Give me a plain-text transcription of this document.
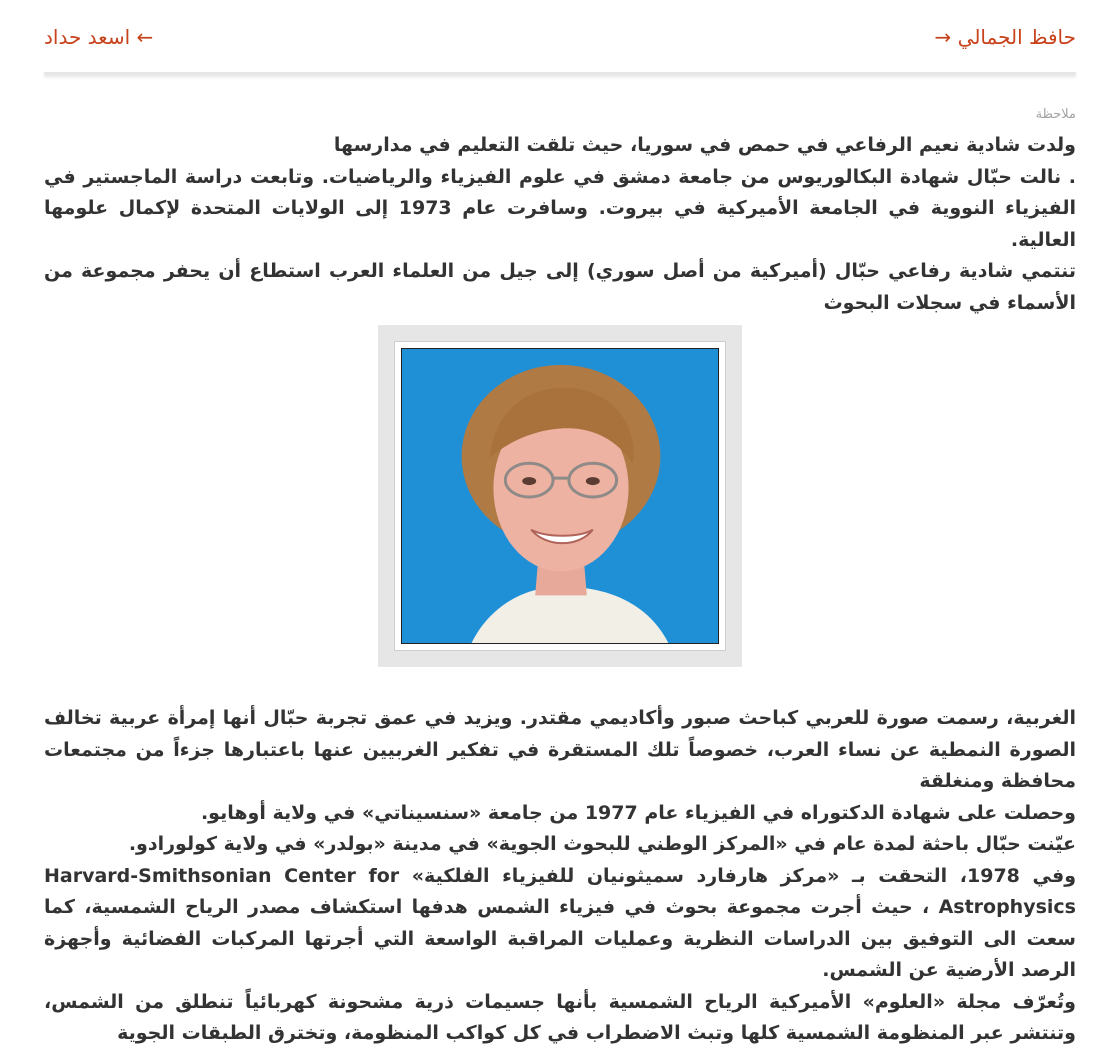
اسعد حداد ←	→ حافظ الجمالي
ملاحظة

ولدت شادية نعيم الرفاعي في حمص في سوريا، حيث تلقت التعليم في مدارسها

. نالت حبّال شهادة البكالوريوس من جامعة دمشق في علوم الفيزياء والرياضيات. وتابعت دراسة الماجستير في الفيزياء النووية في الجامعة الأميركية في بيروت. وسافرت عام 1973 إلى الولايات المتحدة لإكمال علومها العالية.

تنتمي شادية رفاعي حبّال (أميركية من أصل سوري) إلى جيل من العلماء العرب استطاع أن يحفر مجموعة من الأسماء في سجلات البحوث

الغربية، رسمت صورة للعربي كباحث صبور وأكاديمي مقتدر. ويزيد في عمق تجربة حبّال أنها إمرأة عربية تخالف الصورة النمطية عن نساء العرب، خصوصاً تلك المستقرة في تفكير الغربيين عنها باعتبارها جزءاً من مجتمعات محافظة ومنغلقة

وحصلت على شهادة الدكتوراه في الفيزياء عام 1977 من جامعة «سنسيناتي» في ولاية أوهايو.

عيّنت حبّال باحثة لمدة عام في «المركز الوطني للبحوث الجوية» في مدينة «بولدر» في ولاية كولورادو.

وفي 1978، التحقت بـ «مركز هارفارد سميثونيان للفيزياء الفلكية» Harvard-Smithsonian Center for Astrophysics ، حيث أجرت مجموعة بحوث في فيزياء الشمس هدفها استكشاف مصدر الرياح الشمسية، كما سعت الى التوفيق بين الدراسات النظرية وعمليات المراقبة الواسعة التي أجرتها المركبات الفضائية وأجهزة الرصد الأرضية عن الشمس.

وتُعرّف مجلة «العلوم» الأميركية الرياح الشمسية بأنها جسيمات ذرية مشحونة كهربائياً تنطلق من الشمس، وتنتشر عبر المنظومة الشمسية كلها وتبث الاضطراب في كل كواكب المنظومة، وتخترق الطبقات الجوية
